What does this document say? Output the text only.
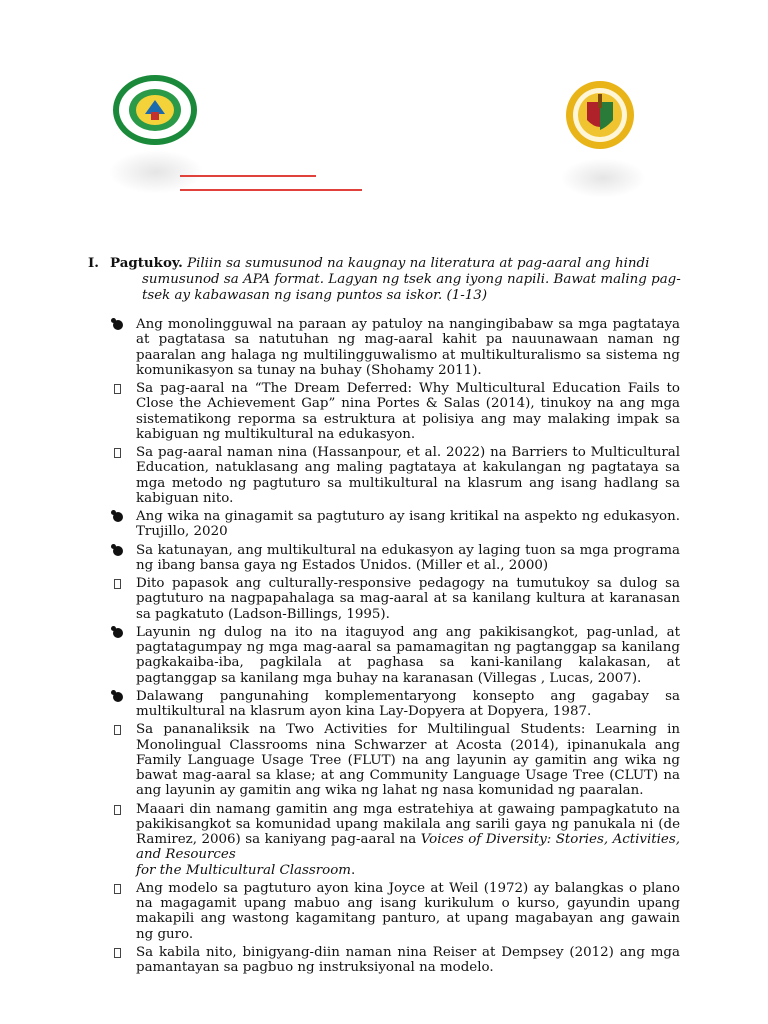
I. Pagtukoy. Piliin sa sumusunod na kaugnay na literatura at pag-aaral ang hindi
sumusunod sa APA format. Lagyan ng tsek ang iyong napili. Bawat maling pag-
tsek ay kabawasan ng isang puntos sa iskor. (1-13)
Ang monolingguwal na paraan ay patuloy na nangingibabaw sa mga pagtataya at pagtatasa sa natutuhan ng mag-aaral kahit pa nauunawaan naman ng paaralan ang halaga ng multilingguwalismo at multikulturalismo sa sistema ng komunikasyon sa tunay na buhay (Shohamy 2011).
Sa pag-aaral na “The Dream Deferred: Why Multicultural Education Fails to Close the Achievement Gap” nina Portes & Salas (2014), tinukoy na ang mga sistematikong reporma sa estruktura at polisiya ang may malaking impak sa kabiguan ng multikultural na edukasyon.
Sa pag-aaral naman nina (Hassanpour, et al. 2022) na Barriers to Multicultural Education, natuklasang ang maling pagtataya at kakulangan ng pagtataya sa mga metodo ng pagtuturo sa multikultural na klasrum ang isang hadlang sa kabiguan nito.
Ang wika na ginagamit sa pagtuturo ay isang kritikal na aspekto ng edukasyon. Trujillo, 2020
Sa katunayan, ang multikultural na edukasyon ay laging tuon sa mga programa ng ibang bansa gaya ng Estados Unidos. (Miller et al., 2000)
Dito papasok ang culturally-responsive pedagogy na tumutukoy sa dulog sa pagtuturo na nagpapahalaga sa mag-aaral at sa kanilang kultura at karanasan sa pagkatuto (Ladson-Billings, 1995).
Layunin ng dulog na ito na itaguyod ang ang pakikisangkot, pag-unlad, at pagtatagumpay ng mga mag-aaral sa pamamagitan ng pagtanggap sa kanilang pagkakaiba-iba, pagkilala at paghasa sa kani-kanilang kalakasan, at pagtanggap sa kanilang mga buhay na karanasan (Villegas , Lucas, 2007).
Dalawang pangunahing komplementaryong konsepto ang gagabay sa multikultural na klasrum ayon kina Lay-Dopyera at Dopyera, 1987.
Sa pananaliksik na Two Activities for Multilingual Students: Learning in Monolingual Classrooms nina Schwarzer at Acosta (2014), ipinanukala ang Family Language Usage Tree (FLUT) na ang layunin ay gamitin ang wika ng bawat mag-aaral sa klase; at ang Community Language Usage Tree (CLUT) na ang layunin ay gamitin ang wika ng lahat ng nasa komunidad ng paaralan.
Maaari din namang gamitin ang mga estratehiya at gawaing pampagkatuto na pakikisangkot sa komunidad upang makilala ang sarili gaya ng panukala ni (de Ramirez, 2006) sa kaniyang pag-aaral na Voices of Diversity: Stories, Activities, and Resources
for the Multicultural Classroom.
Ang modelo sa pagtuturo ayon kina Joyce at Weil (1972) ay balangkas o plano na magagamit upang mabuo ang isang kurikulum o kurso, gayundin upang makapili ang wastong kagamitang panturo, at upang magabayan ang gawain ng guro.
Sa kabila nito, binigyang-diin naman nina Reiser at Dempsey (2012) ang mga pamantayan sa pagbuo ng instruksiyonal na modelo.
